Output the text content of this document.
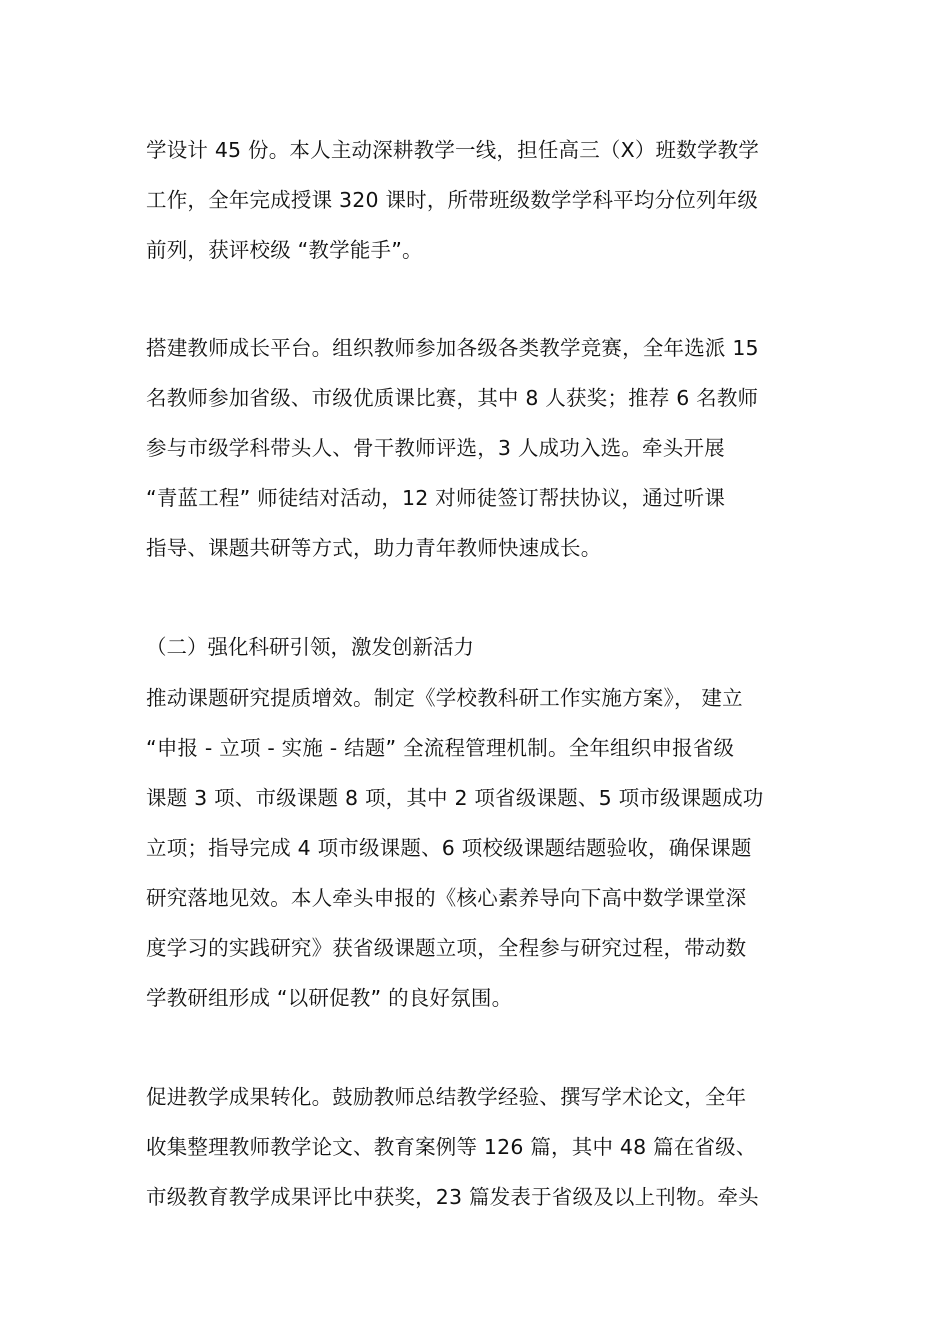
学设计 45 份。本人主动深耕教学一线，担任高三（X）班数学教学
工作，全年完成授课 320 课时，所带班级数学学科平均分位列年级
前列，获评校级 “教学能手”。
搭建教师成长平台。组织教师参加各级各类教学竞赛，全年选派 15
名教师参加省级、市级优质课比赛，其中 8 人获奖；推荐 6 名教师
参与市级学科带头人、骨干教师评选，3 人成功入选。牵头开展
“青蓝工程” 师徒结对活动，12 对师徒签订帮扶协议，通过听课
指导、课题共研等方式，助力青年教师快速成长。
（二）强化科研引领，激发创新活力
推动课题研究提质增效。制定《学校教科研工作实施方案》， 建立
“申报 - 立项 - 实施 - 结题” 全流程管理机制。全年组织申报省级
课题 3 项、市级课题 8 项，其中 2 项省级课题、5 项市级课题成功
立项；指导完成 4 项市级课题、6 项校级课题结题验收，确保课题
研究落地见效。本人牵头申报的《核心素养导向下高中数学课堂深
度学习的实践研究》获省级课题立项，全程参与研究过程，带动数
学教研组形成 “以研促教” 的良好氛围。
促进教学成果转化。鼓励教师总结教学经验、撰写学术论文，全年
收集整理教师教学论文、教育案例等 126 篇，其中 48 篇在省级、
市级教育教学成果评比中获奖，23 篇发表于省级及以上刊物。牵头
